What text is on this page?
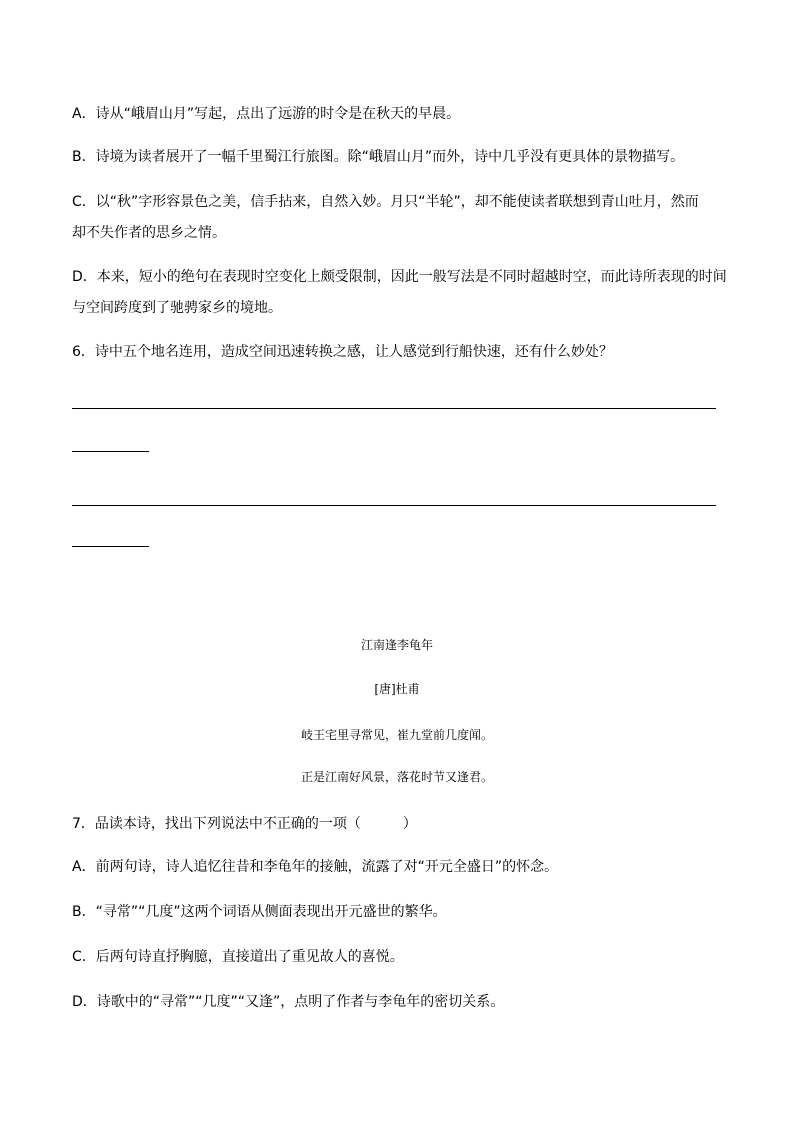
A．诗从“峨眉山月”写起，点出了远游的时令是在秋天的早晨。
B．诗境为读者展开了一幅千里蜀江行旅图。除“峨眉山月”而外，诗中几乎没有更具体的景物描写。
C．以“秋”字形容景色之美，信手拈来，自然入妙。月只“半轮”，却不能使读者联想到青山吐月，然而
却不失作者的思乡之情。
D．本来，短小的绝句在表现时空变化上颇受限制，因此一般写法是不同时超越时空，而此诗所表现的时间
与空间跨度到了驰骋家乡的境地。
6．诗中五个地名连用，造成空间迅速转换之感，让人感觉到行船快速，还有什么妙处？
江南逢李龟年
[唐]杜甫
岐王宅里寻常见，崔九堂前几度闻。
正是江南好风景，落花时节又逢君。
7．品读本诗，找出下列说法中不正确的一项（　　　）
A．前两句诗，诗人追忆往昔和李龟年的接触，流露了对“开元全盛日”的怀念。
B．“寻常”“几度”这两个词语从侧面表现出开元盛世的繁华。
C．后两句诗直抒胸臆，直接道出了重见故人的喜悦。
D．诗歌中的“寻常”“几度”“又逢”，点明了作者与李龟年的密切关系。
